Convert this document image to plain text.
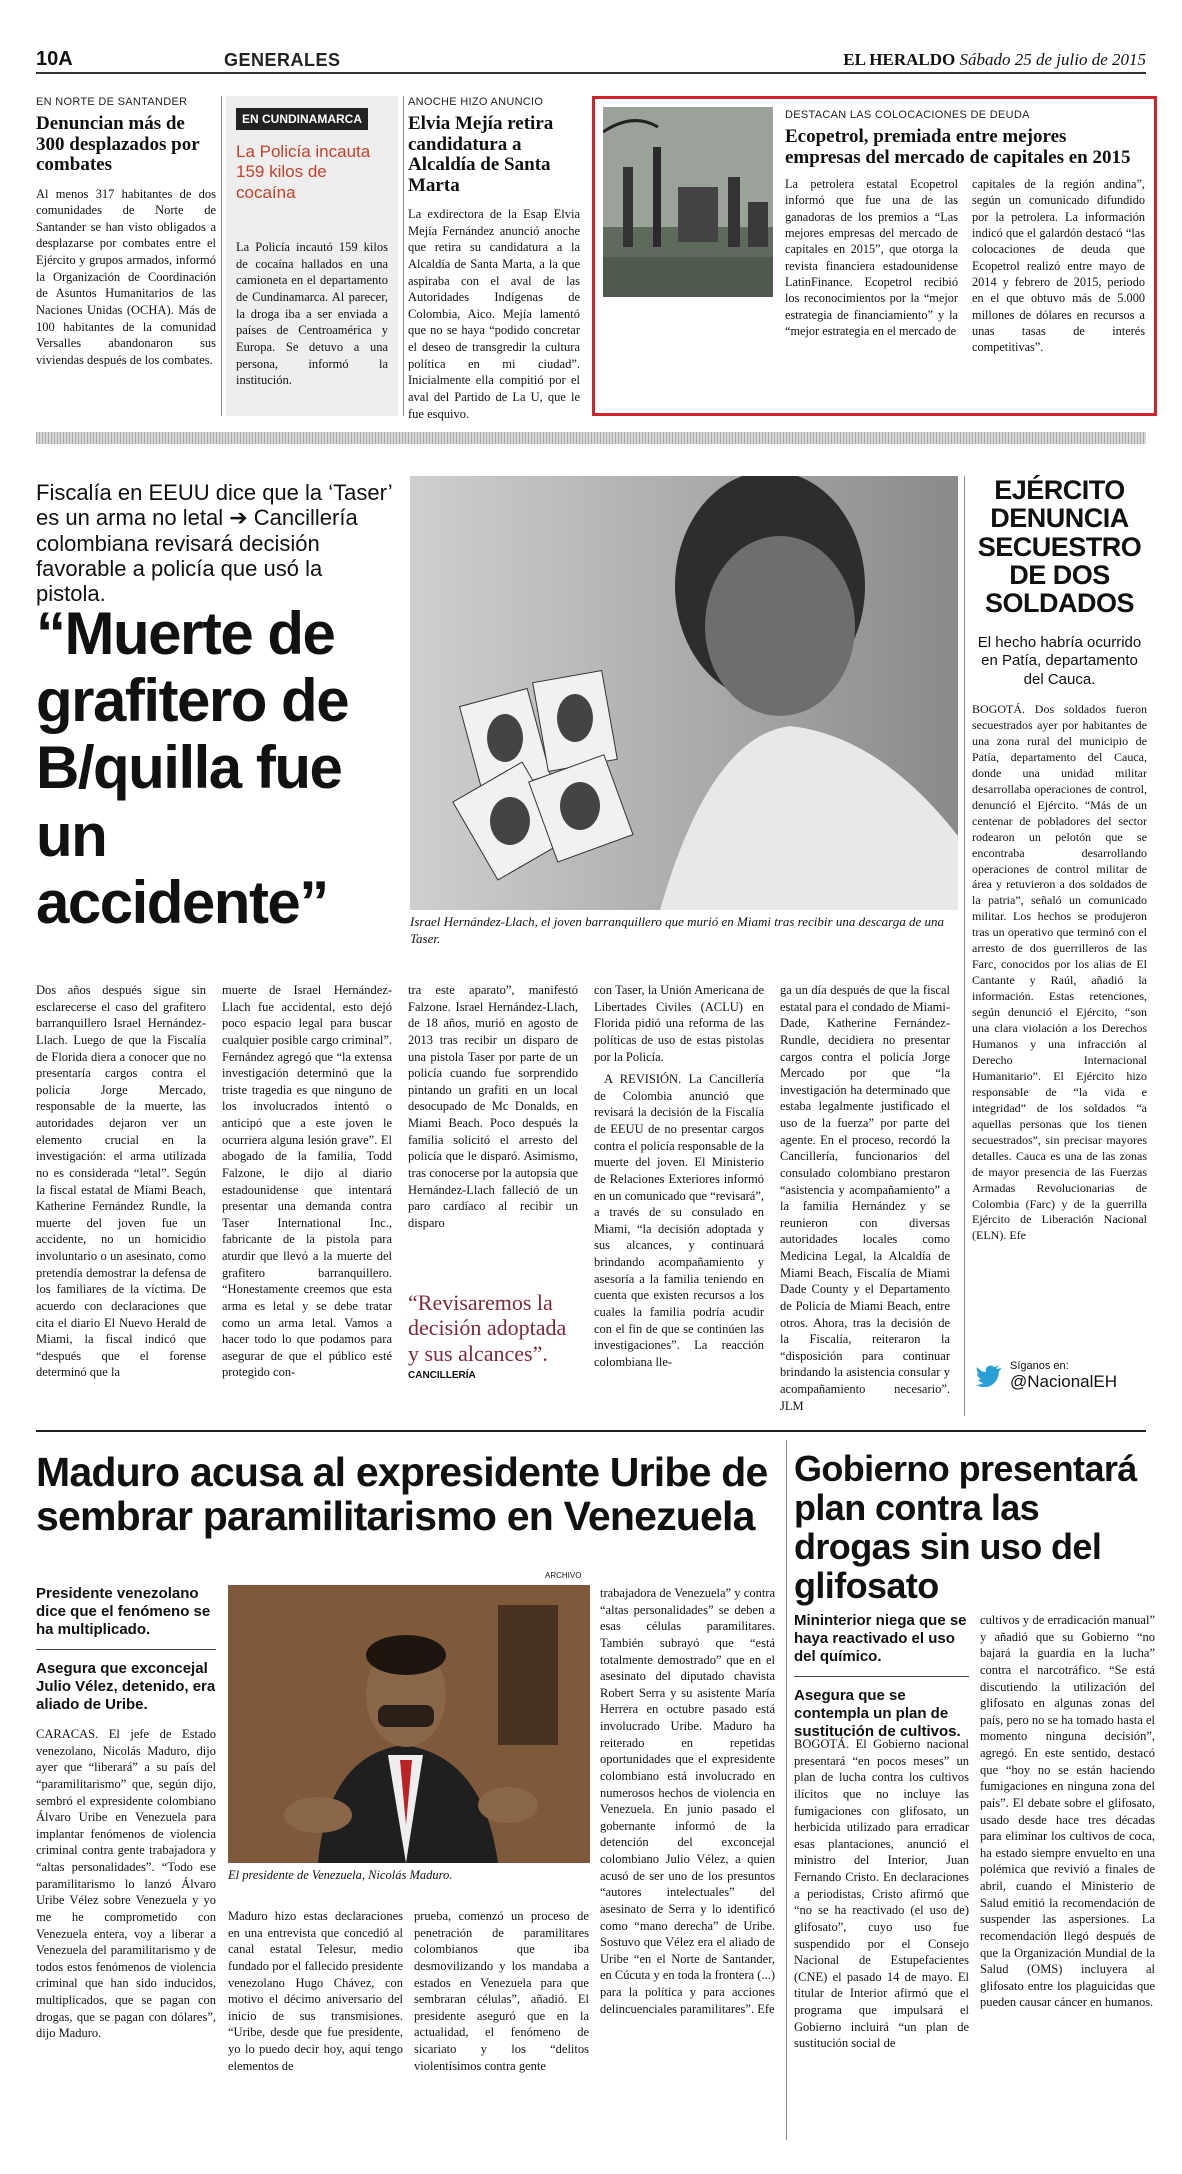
10A	GENERALES	EL HERALDO Sábado 25 de julio de 2015
EN NORTE DE SANTANDER
Denuncian más de 300 desplazados por combates
Al menos 317 habitantes de dos comunidades de Norte de Santander se han visto obligados a desplazarse por combates entre el Ejército y grupos armados, informó la Organización de Coordinación de Asuntos Humanitarios de las Naciones Unidas (OCHA). Más de 100 habitantes de la comunidad Versalles abandonaron sus viviendas después de los combates.
EN CUNDINAMARCA
La Policía incauta 159 kilos de cocaína
La Policía incautó 159 kilos de cocaína hallados en una camioneta en el departamento de Cundinamarca. Al parecer, la droga iba a ser enviada a países de Centroamérica y Europa. Se detuvo a una persona, informó la institución.
ANOCHE HIZO ANUNCIO
Elvia Mejía retira candidatura a Alcaldía de Santa Marta
La exdirectora de la Esap Elvia Mejía Fernández anunció anoche que retira su candidatura a la Alcaldía de Santa Marta, a la que aspiraba con el aval de las Autoridades Indígenas de Colombia, Aico. Mejía lamentó que no se haya “podido concretar el deseo de transgredir la cultura política en mi ciudad”. Inicialmente ella compitió por el aval del Partido de La U, que le fue esquivo.
DESTACAN LAS COLOCACIONES DE DEUDA
Ecopetrol, premiada entre mejores empresas del mercado de capitales en 2015
La petrolera estatal Ecopetrol informó que fue una de las ganadoras de los premios a “Las mejores empresas del mercado de capitales en 2015”, que otorga la revista financiera estadounidense LatinFinance. Ecopetrol recibió los reconocimientos por la “mejor estrategia de financiamiento” y la “mejor estrategia en el mercado de
capitales de la región andina”, según un comunicado difundido por la petrolera. La información indicó que el galardón destacó “las colocaciones de deuda que Ecopetrol realizó entre mayo de 2014 y febrero de 2015, periodo en el que obtuvo más de 5.000 millones de dólares en recursos a unas tasas de interés competitivas”.
Fiscalía en EEUU dice que la ‘Taser’ es un arma no letal ➔ Cancillería colombiana revisará decisión favorable a policía que usó la pistola.
“Muerte de grafitero de B/quilla fue un accidente”	Israel Hernández-Llach, el joven barranquillero que murió en Miami tras recibir una descarga de una Taser.
Dos años después sigue sin esclarecerse el caso del grafitero barranquillero Israel Hernández-Llach. Luego de que la Fiscalía de Florida diera a conocer que no presentaría cargos contra el policía Jorge Mercado, responsable de la muerte, las autoridades dejaron ver un elemento crucial en la investigación: el arma utilizada no es considerada “letal”. Según la fiscal estatal de Miami Beach, Katherine Fernández Rundle, la muerte del joven fue un accidente, no un homicidio involuntario o un asesinato, como pretendía demostrar la defensa de los familiares de la víctima. De acuerdo con declaraciones que cita el diario El Nuevo Herald de Miami, la fiscal indicó que “después que el forense determinó que la
muerte de Israel Hernández-Llach fue accidental, esto dejó poco espacio legal para buscar cualquier posible cargo criminal”. Fernández agregó que “la extensa investigación determinó que la triste tragedia es que ninguno de los involucrados intentó o anticipó que a este joven le ocurriera alguna lesión grave”. El abogado de la familia, Todd Falzone, le dijo al diario estadounidense que intentará presentar una demanda contra Taser International Inc., fabricante de la pistola para aturdir que llevó a la muerte del grafitero barranquillero. “Honestamente creemos que esta arma es letal y se debe tratar como un arma letal. Vamos a hacer todo lo que podamos para asegurar de que el público esté protegido con-
tra este aparato”, manifestó Falzone. Israel Hernández-Llach, de 18 años, murió en agosto de 2013 tras recibir un disparo de una pistola Taser por parte de un policía cuando fue sorprendido pintando un grafiti en un local desocupado de Mc Donalds, en Miami Beach. Poco después la familia solicitó el arresto del policía que le disparó. Asimismo, tras conocerse por la autopsia que Hernández-Llach falleció de un paro cardíaco al recibir un disparo
“Revisaremos la decisión adoptada y sus alcances”.
CANCILLERÍA

con Taser, la Unión Americana de Libertades Civiles (ACLU) en Florida pidió una reforma de las políticas de uso de estas pistolas por la Policía.

A REVISIÓN. La Cancillería de Colombia anunció que revisará la decisión de la Fiscalía de EEUU de no presentar cargos contra el policía responsable de la muerte del joven. El Ministerio de Relaciones Exteriores informó en un comunicado que “revisará”, a través de su consulado en Miami, “la decisión adoptada y sus alcances, y continuará brindando acompañamiento y asesoría a la familia teniendo en cuenta que existen recursos a los cuales la familia podría acudir con el fin de que se continúen las investigaciones”. La reacción colombiana lle-

ga un día después de que la fiscal estatal para el condado de Miami-Dade, Katherine Fernández-Rundle, decidiera no presentar cargos contra el policía Jorge Mercado por que “la investigación ha determinado que estaba legalmente justificado el uso de la fuerza” por parte del agente. En el proceso, recordó la Cancillería, funcionarios del consulado colombiano prestaron “asistencia y acompañamiento” a la familia Hernández y se reunieron con diversas autoridades locales como Medicina Legal, la Alcaldía de Miami Beach, Fiscalía de Miami Dade County y el Departamento de Policía de Miami Beach, entre otros. Ahora, tras la decisión de la Fiscalía, reiteraron la “disposición para continuar brindando la asistencia consular y acompañamiento necesario”. JLM
EJÉRCITO DENUNCIA SECUESTRO DE DOS SOLDADOS
El hecho habría ocurrido en Patía, departamento del Cauca.
BOGOTÁ. Dos soldados fueron secuestrados ayer por habitantes de una zona rural del municipio de Patía, departamento del Cauca, donde una unidad militar desarrollaba operaciones de control, denunció el Ejército. “Más de un centenar de pobladores del sector rodearon un pelotón que se encontraba desarrollando operaciones de control militar de área y retuvieron a dos soldados de la patria”, señaló un comunicado militar. Los hechos se produjeron tras un operativo que terminó con el arresto de dos guerrilleros de las Farc, conocidos por los alias de El Cantante y Raúl, añadió la información. Estas retenciones, según denunció el Ejército, “son una clara violación a los Derechos Humanos y una infracción al Derecho Internacional Humanitario”. El Ejército hizo responsable de “la vida e integridad” de los soldados “a aquellas personas que los tienen secuestrados”, sin precisar mayores detalles. Cauca es una de las zonas de mayor presencia de las Fuerzas Armadas Revolucionarias de Colombia (Farc) y de la guerrilla Ejército de Liberación Nacional (ELN). Efe
Síganos en:
@NacionalEH
Maduro acusa al expresidente Uribe de sembrar paramilitarismo en Venezuela
Presidente venezolano dice que el fenómeno se ha multiplicado.
Asegura que exconcejal Julio Vélez, detenido, era aliado de Uribe.
CARACAS. El jefe de Estado venezolano, Nicolás Maduro, dijo ayer que “liberará” a su país del “paramilitarismo” que, según dijo, sembró el expresidente colombiano Álvaro Uribe en Venezuela para implantar fenómenos de violencia criminal contra gente trabajadora y “altas personalidades”. “Todo ese paramilitarismo lo lanzó Álvaro Uribe Vélez sobre Venezuela y yo me he comprometido con Venezuela entera, voy a liberar a Venezuela del paramilitarismo y de todos estos fenómenos de violencia criminal que han sido inducidos, multiplicados, que se pagan con drogas, que se pagan con dólares”, dijo Maduro.
ARCHIVO
El presidente de Venezuela, Nicolás Maduro.
Maduro hizo estas declaraciones en una entrevista que concedió al canal estatal Telesur, medio fundado por el fallecido presidente venezolano Hugo Chávez, con motivo el décimo aniversario del inicio de sus transmisiones. “Uribe, desde que fue presidente, yo lo puedo decir hoy, aquí tengo elementos de
prueba, comenzó un proceso de penetración de paramilitares colombianos que iba desmovilizando y los mandaba a estados en Venezuela para que sembraran células”, añadió. El presidente aseguró que en la actualidad, el fenómeno de sicariato y los “delitos violentísimos contra gente
trabajadora de Venezuela” y contra “altas personalidades” se deben a esas células paramilitares. También subrayó que “está totalmente demostrado” que en el asesinato del diputado chavista Robert Serra y su asistente María Herrera en octubre pasado está involucrado Uribe. Maduro ha reiterado en repetidas oportunidades que el expresidente colombiano está involucrado en numerosos hechos de violencia en Venezuela. En junio pasado el gobernante informó de la detención del exconcejal colombiano Julio Vélez, a quien acusó de ser uno de los presuntos “autores intelectuales” del asesinato de Serra y lo identificó como “mano derecha” de Uribe. Sostuvo que Vélez era el aliado de Uribe “en el Norte de Santander, en Cúcuta y en toda la frontera (...) para la política y para acciones delincuenciales paramilitares”. Efe
Gobierno presentará plan contra las drogas sin uso del glifosato
Mininterior niega que se haya reactivado el uso del químico.
Asegura que se contempla un plan de sustitución de cultivos.
BOGOTÁ. El Gobierno nacional presentará “en pocos meses” un plan de lucha contra los cultivos ilícitos que no incluye las fumigaciones con glifosato, un herbicida utilizado para erradicar esas plantaciones, anunció el ministro del Interior, Juan Fernando Cristo. En declaraciones a periodistas, Cristo afirmó que “no se ha reactivado (el uso de) glifosato”, cuyo uso fue suspendido por el Consejo Nacional de Estupefacientes (CNE) el pasado 14 de mayo. El titular de Interior afirmó que el programa que impulsará el Gobierno incluirá “un plan de sustitución social de
cultivos y de erradicación manual” y añadió que su Gobierno “no bajará la guardia en la lucha” contra el narcotráfico. “Se está discutiendo la utilización del glifosato en algunas zonas del país, pero no se ha tomado hasta el momento ninguna decisión”, agregó. En este sentido, destacó que “hoy no se están haciendo fumigaciones en ninguna zona del país”. El debate sobre el glifosato, usado desde hace tres décadas para eliminar los cultivos de coca, ha estado siempre envuelto en una polémica que revivió a finales de abril, cuando el Ministerio de Salud emitió la recomendación de suspender las aspersiones. La recomendación llegó después de que la Organización Mundial de la Salud (OMS) incluyera al glifosato entre los plaguicidas que pueden causar cáncer en humanos.
